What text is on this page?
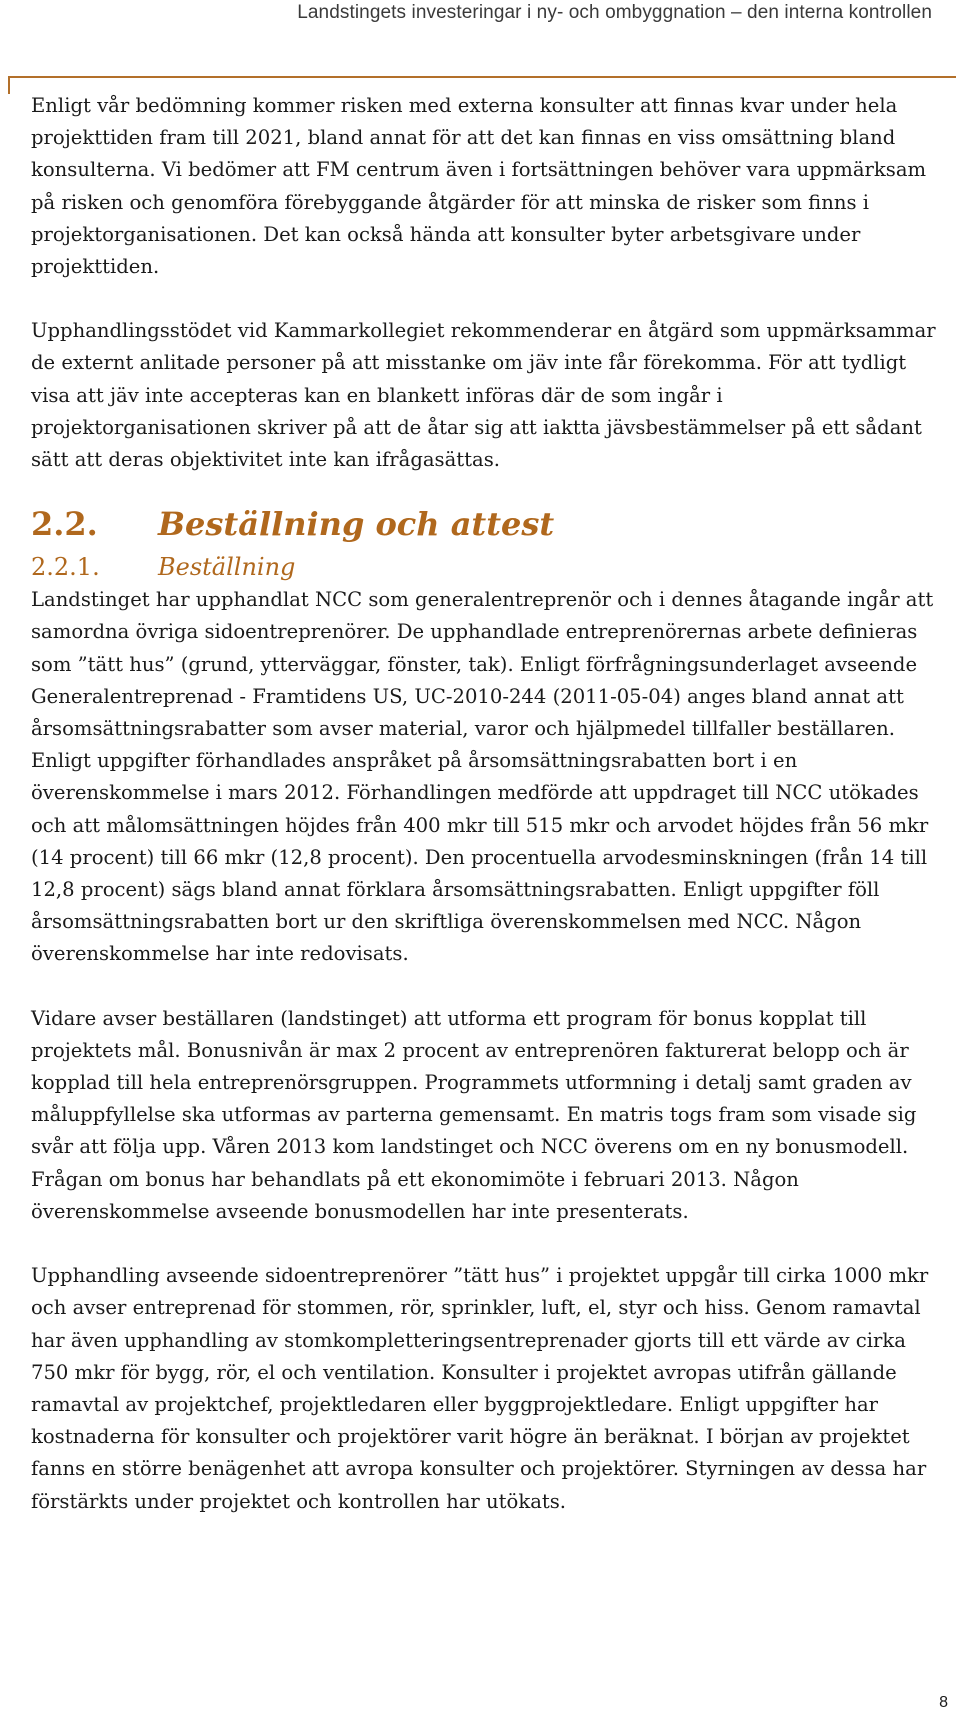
Landstingets investeringar i ny- och ombyggnation – den interna kontrollen

Enligt vår bedömning kommer risken med externa konsulter att finnas kvar under hela projekttiden fram till 2021, bland annat för att det kan finnas en viss omsättning bland konsulterna. Vi bedömer att FM centrum även i fortsättningen behöver vara uppmärksam på risken och genomföra förebyggande åtgärder för att minska de risker som finns i projektorganisationen. Det kan också hända att konsulter byter arbetsgivare under projekttiden.

Upphandlingsstödet vid Kammarkollegiet rekommenderar en åtgärd som uppmärksammar de externt anlitade personer på att misstanke om jäv inte får förekomma. För att tydligt visa att jäv inte accepteras kan en blankett införas där de som ingår i projektorganisationen skriver på att de åtar sig att iaktta jävsbestämmelser på ett sådant sätt att deras objektivitet inte kan ifrågasättas.

2.2.	Beställning och attest
2.2.1.	Beställning

Landstinget har upphandlat NCC som generalentreprenör och i dennes åtagande ingår att samordna övriga sidoentreprenörer. De upphandlade entreprenörernas arbete definieras som ”tätt hus” (grund, ytterväggar, fönster, tak). Enligt förfrågningsunderlaget avseende Generalentreprenad - Framtidens US, UC-2010-244 (2011-05-04) anges bland annat att årsomsättningsrabatter som avser material, varor och hjälpmedel tillfaller beställaren. Enligt uppgifter förhandlades anspråket på årsomsättningsrabatten bort i en överenskommelse i mars 2012. Förhandlingen medförde att uppdraget till NCC utökades och att målomsättningen höjdes från 400 mkr till 515 mkr och arvodet höjdes från 56 mkr (14 procent) till 66 mkr (12,8 procent). Den procentuella arvodesminskningen (från 14 till 12,8 procent) sägs bland annat förklara årsomsättningsrabatten. Enligt uppgifter föll årsomsättningsrabatten bort ur den skriftliga överenskommelsen med NCC. Någon överenskommelse har inte redovisats.

Vidare avser beställaren (landstinget) att utforma ett program för bonus kopplat till projektets mål. Bonusnivån är max 2 procent av entreprenören fakturerat belopp och är kopplad till hela entreprenörsgruppen. Programmets utformning i detalj samt graden av måluppfyllelse ska utformas av parterna gemensamt. En matris togs fram som visade sig svår att följa upp. Våren 2013 kom landstinget och NCC överens om en ny bonusmodell. Frågan om bonus har behandlats på ett ekonomimöte i februari 2013. Någon överenskommelse avseende bonusmodellen har inte presenterats.

Upphandling avseende sidoentreprenörer ”tätt hus” i projektet uppgår till cirka 1000 mkr och avser entreprenad för stommen, rör, sprinkler, luft, el, styr och hiss. Genom ramavtal har även upphandling av stomkompletteringsentreprenader gjorts till ett värde av cirka 750 mkr för bygg, rör, el och ventilation. Konsulter i projektet avropas utifrån gällande ramavtal av projektchef, projektledaren eller byggprojektledare. Enligt uppgifter har kostnaderna för konsulter och projektörer varit högre än beräknat. I början av projektet fanns en större benägenhet att avropa konsulter och projektörer. Styrningen av dessa har förstärkts under projektet och kontrollen har utökats.

8
